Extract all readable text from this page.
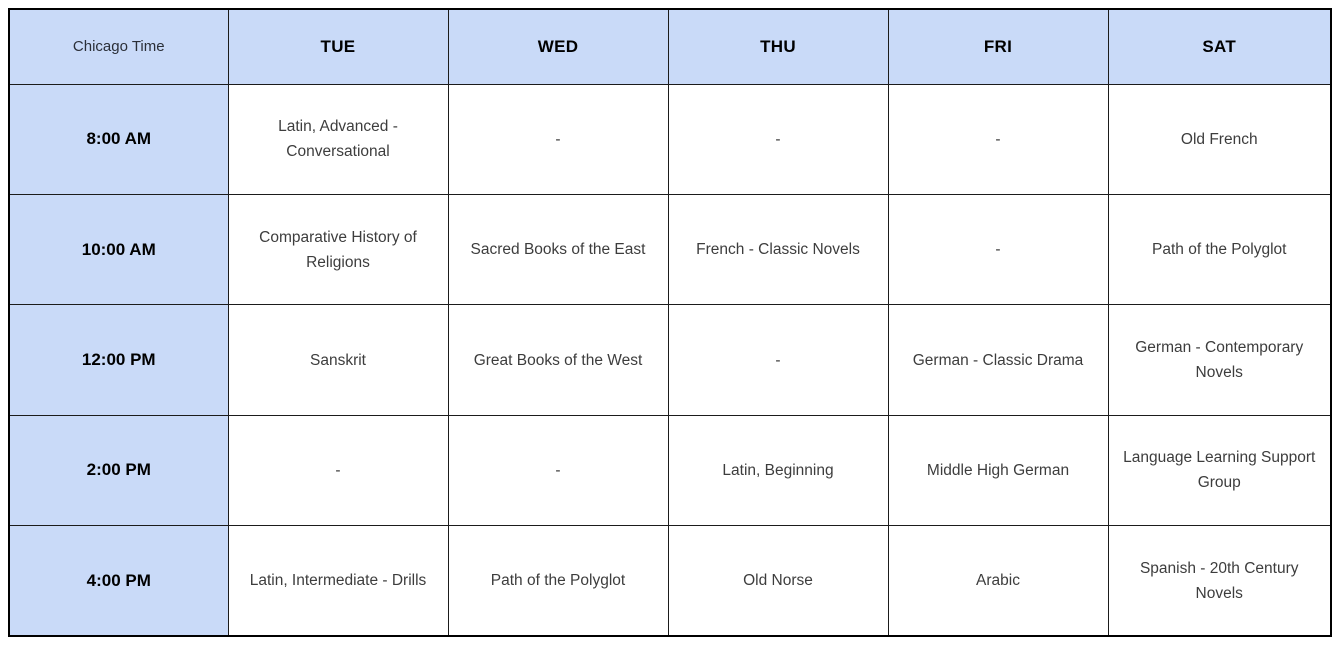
Chicago Time	TUE	WED	THU	FRI	SAT
8:00 AM	Latin, Advanced - Conversational	-	-	-	Old French
10:00 AM	Comparative History of Religions	Sacred Books of the East	French - Classic Novels	-	Path of the Polyglot
12:00 PM	Sanskrit	Great Books of the West	-	German - Classic Drama	German - Contemporary Novels
2:00 PM	-	-	Latin, Beginning	Middle High German	Language Learning Support Group
4:00 PM	Latin, Intermediate - Drills	Path of the Polyglot	Old Norse	Arabic	Spanish - 20th Century Novels
